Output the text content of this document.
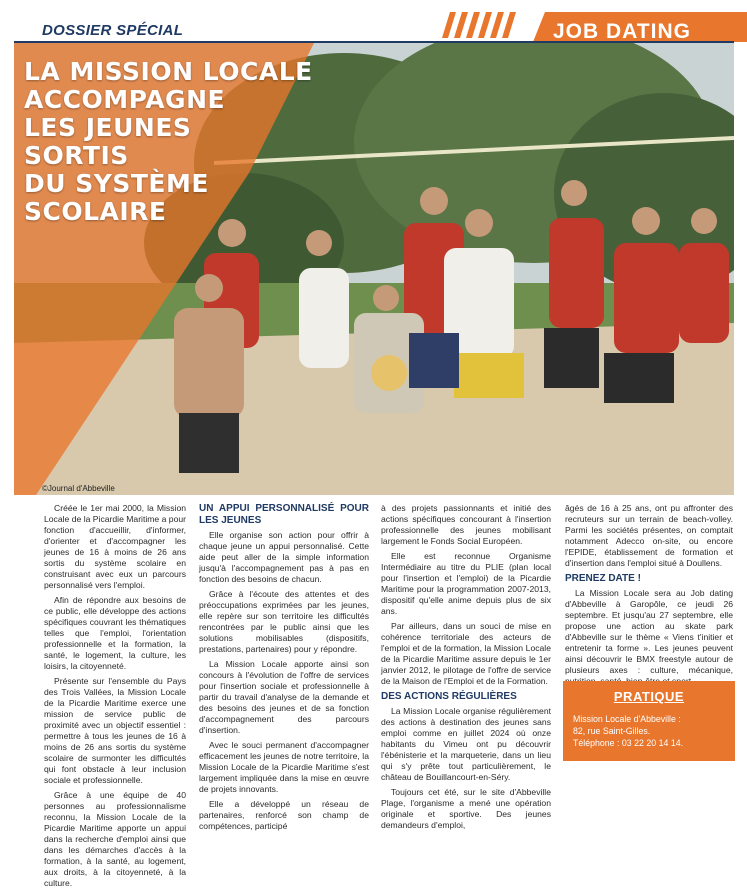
DOSSIER SPÉCIAL	JOB DATING
LA MISSION LOCALE
ACCOMPAGNE
LES JEUNES
SORTIS
DU SYSTÈME
SCOLAIRE
©Journal d'Abbeville

Créée le 1er mai 2000, la Mission Locale de la Picardie Maritime a pour fonction d'accueillir, d'informer, d'orienter et d'accompagner les jeunes de 16 à moins de 26 ans sortis du système scolaire en construisant avec eux un parcours personnalisé vers l'emploi.

Afin de répondre aux besoins de ce public, elle développe des actions spécifiques couvrant les thématiques telles que l'emploi, l'orientation professionnelle et la formation, la santé, le logement, la culture, les loisirs, la citoyenneté.

Présente sur l'ensemble du Pays des Trois Vallées, la Mission Locale de la Picardie Maritime exerce une mission de service public de proximité avec un objectif essentiel : permettre à tous les jeunes de 16 à moins de 26 ans sortis du système scolaire de surmonter les difficultés qui font obstacle à leur inclusion sociale et professionnelle.

Grâce à une équipe de 40 personnes au professionnalisme reconnu, la Mission Locale de la Picardie Maritime apporte un appui dans la recherche d'emploi ainsi que dans les démarches d'accès à la formation, à la santé, au logement, aux droits, à la citoyenneté, à la culture.

UN APPUI PERSONNALISÉ POUR LES JEUNES

Elle organise son action pour offrir à chaque jeune un appui personnalisé. Cette aide peut aller de la simple information jusqu'à l'accompagnement pas à pas en fonction des besoins de chacun.

Grâce à l'écoute des attentes et des préoccupations exprimées par les jeunes, elle repère sur son territoire les difficultés rencontrées par le public ainsi que les solutions mobilisables (dispositifs, prestations, partenaires) pour y répondre.

La Mission Locale apporte ainsi son concours à l'évolution de l'offre de services pour l'insertion sociale et professionnelle à partir du travail d'analyse de la demande et des besoins des jeunes et de sa fonction d'accompagnement des parcours d'insertion.

Avec le souci permanent d'accompagner efficacement les jeunes de notre territoire, la Mission Locale de la Picardie Maritime s'est largement impliquée dans la mise en œuvre de projets innovants.

Elle a développé un réseau de partenaires, renforcé son champ de compétences, participé

à des projets passionnants et initié des actions spécifiques concourant à l'insertion professionnelle des jeunes mobilisant largement le Fonds Social Européen.

Elle est reconnue Organisme Intermédiaire au titre du PLIE (plan local pour l'insertion et l'emploi) de la Picardie Maritime pour la programmation 2007-2013, dispositif qu'elle anime depuis plus de six ans.

Par ailleurs, dans un souci de mise en cohérence territoriale des acteurs de l'emploi et de la formation, la Mission Locale de la Picardie Maritime assure depuis le 1er janvier 2012, le pilotage de l'offre de service de la Maison de l'Emploi et de la Formation.

DES ACTIONS RÉGULIÈRES

La Mission Locale organise régulièrement des actions à destination des jeunes sans emploi comme en juillet 2024 où onze habitants du Vimeu ont pu découvrir l'ébénisterie et la marqueterie, dans un lieu qui s'y prête tout particulièrement, le château de Bouillancourt-en-Séry.

Toujours cet été, sur le site d'Abbeville Plage, l'organisme a mené une opération originale et sportive. Des jeunes demandeurs d'emploi,

âgés de 16 à 25 ans, ont pu affronter des recruteurs sur un terrain de beach-volley. Parmi les sociétés présentes, on comptait notamment Adecco on-site, ou encore l'EPIDE, établissement de formation et d'insertion dans l'emploi situé à Doullens.

PRENEZ DATE !

La Mission Locale sera au Job dating d'Abbeville à Garopôle, ce jeudi 26 septembre. Et jusqu'au 27 septembre, elle propose une action au skate park d'Abbeville sur le thème « Viens t'initier et entretenir ta forme ». Les jeunes peuvent ainsi découvrir le BMX freestyle autour de plusieurs axes : culture, mécanique,

PRATIQUE
Mission Locale d'Abbeville :
82, rue Saint-Gilles.
Téléphone : 03 22 20 14 14.
